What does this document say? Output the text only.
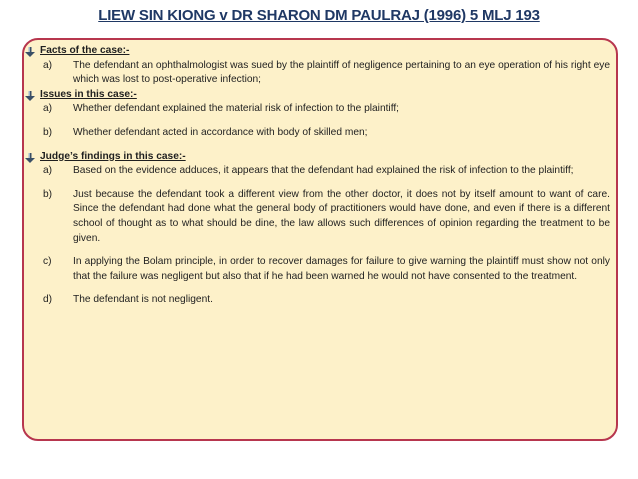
LIEW SIN KIONG v DR SHARON DM PAULRAJ (1996) 5 MLJ 193
Facts of the case:-
a) The defendant an ophthalmologist was sued by the plaintiff of negligence pertaining to an eye operation of his right eye which was lost to post-operative infection;
Issues in this case:-
a) Whether defendant explained the material risk of infection to the plaintiff;
b) Whether defendant acted in accordance with body of skilled men;
Judge’s findings in this case:-
a) Based on the evidence adduces, it appears that the defendant had explained the risk of infection to the plaintiff;
b) Just because the defendant took a different view from the other doctor, it does not by itself amount to want of care. Since the defendant had done what the general body of practitioners would have done, and even if there is a different school of thought as to what should be dine, the law allows such differences of opinion regarding the treatment to be given.
c) In applying the Bolam principle, in order to recover damages for failure to give warning the plaintiff must show not only that the failure was negligent but also that if he had been warned he would not have consented to the treatment.
d) The defendant is not negligent.
